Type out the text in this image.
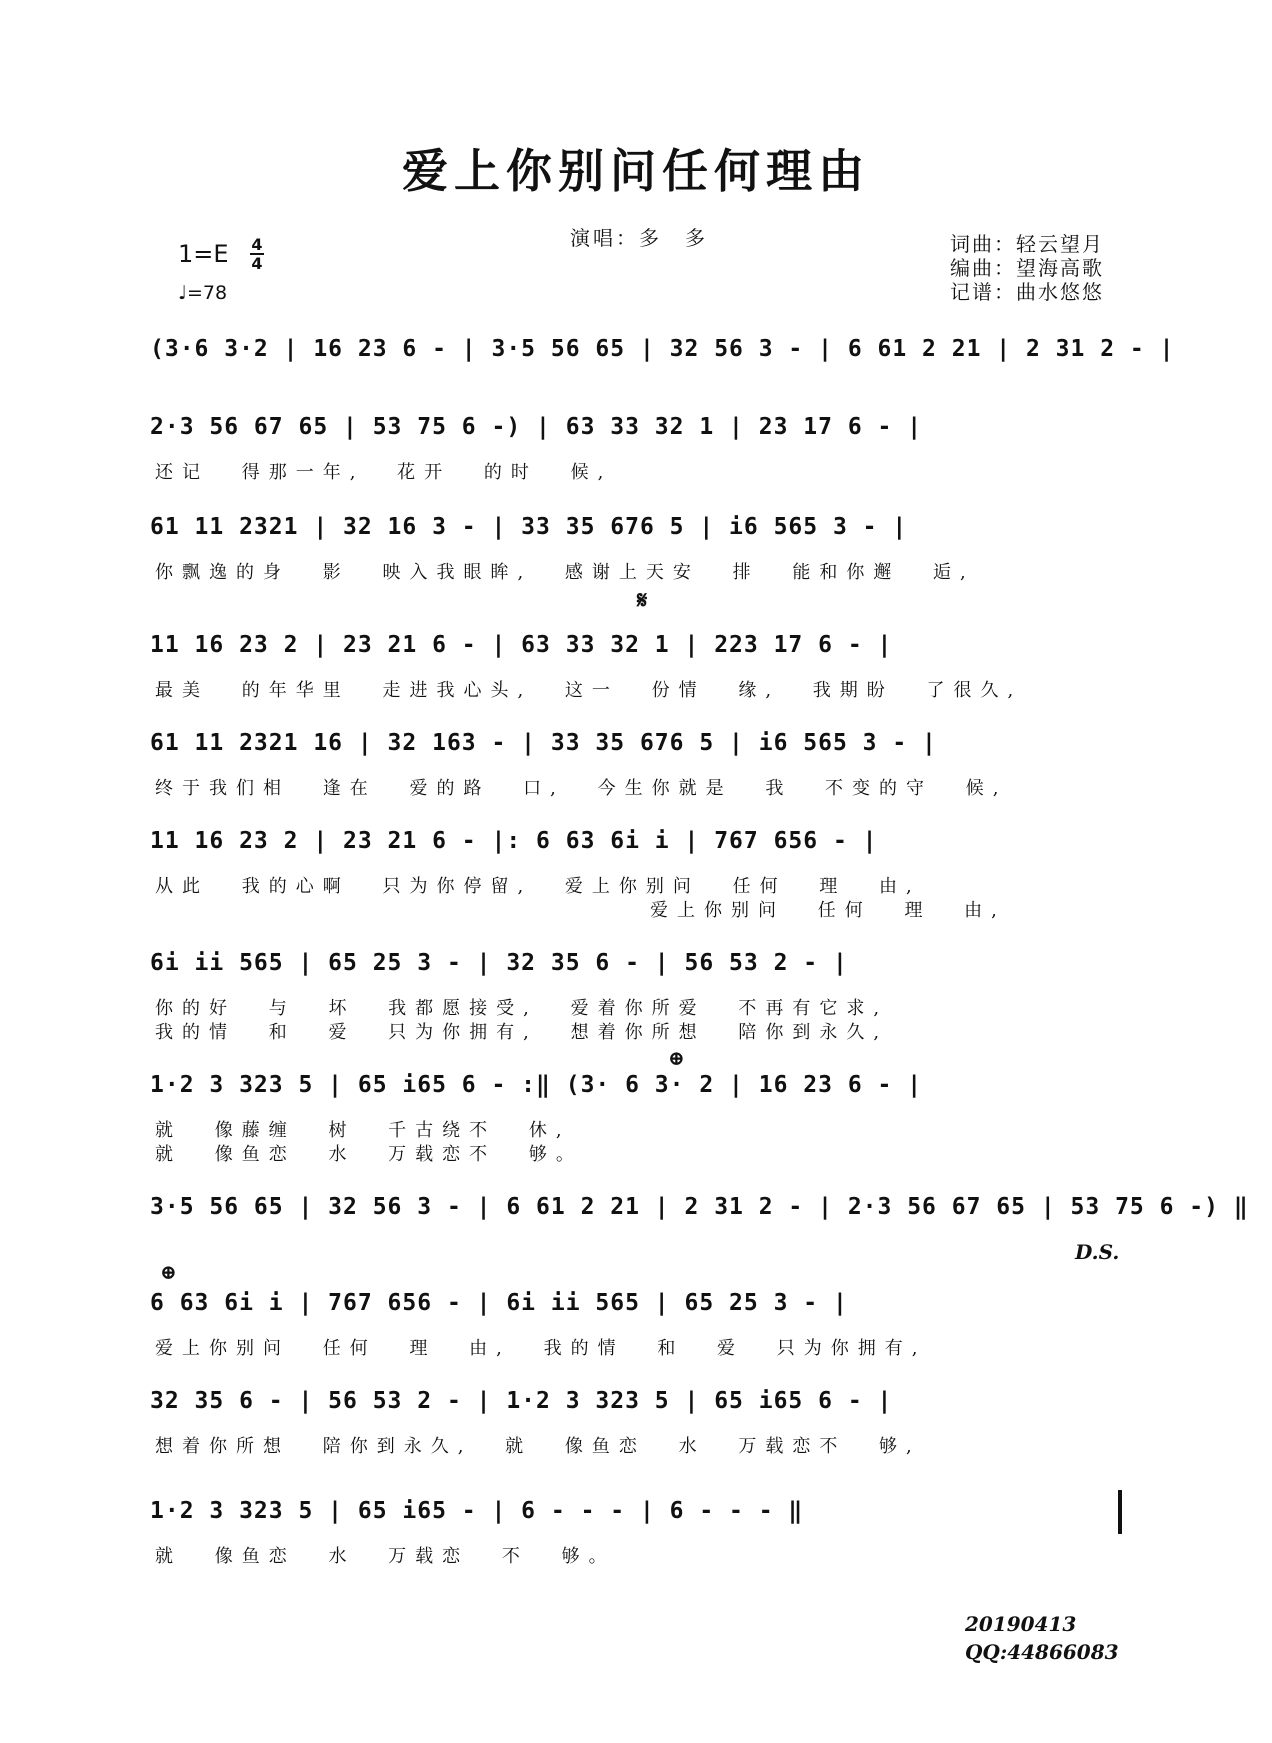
爱上你别问任何理由
演唱：多　多	词曲：轻云望月
编曲：望海高歌
记谱：曲水悠悠
1=E 4
4
♩=78
𝄋
⊕
⊕
D.S.
(3·6 3·2 | 16 23 6 - | 3·5 56 65 | 32 56 3 - | 6 61 2 21 | 2 31 2 - |
2·3 56 67 65 | 53 75 6 -) | 63 33 32 1 | 23 17 6 - |
还记 得那一年, 花开 的时 候,
61 11 2321 | 32 16 3 - | 33 35 676 5 | i6 565 3 - |
你飘逸的身 影 映入我眼眸, 感谢上天安 排 能和你邂 逅,
11 16 23 2 | 23 21 6 - | 63 33 32 1 | 223 17 6 - |
最美 的年华里 走进我心头, 这一 份情 缘, 我期盼 了很久,
61 11 2321 16 | 32 163 - | 33 35 676 5 | i6 565 3 - |
终于我们相 逢在 爱的路 口, 今生你就是 我 不变的守 候,
11 16 23 2 | 23 21 6 - |: 6 63 6i i | 767 656 - |
从此 我的心啊 只为你停留, 爱上你别问 任何 理 由,
爱上你别问 任何 理 由,
6i ii 565 | 65 25 3 - | 32 35 6 - | 56 53 2 - |
你的好 与 坏 我都愿接受, 爱着你所爱 不再有它求,
我的情 和 爱 只为你拥有, 想着你所想 陪你到永久,
1·2 3 323 5 | 65 i65 6 - :‖ (3· 6 3· 2 | 16 23 6 - |
就 像藤缠 树 千古绕不 休,
就 像鱼恋 水 万载恋不 够。
3·5 56 65 | 32 56 3 - | 6 61 2 21 | 2 31 2 - | 2·3 56 67 65 | 53 75 6 -) ‖
6 63 6i i | 767 656 - | 6i ii 565 | 65 25 3 - |
爱上你别问 任何 理 由, 我的情 和 爱 只为你拥有,
32 35 6 - | 56 53 2 - | 1·2 3 323 5 | 65 i65 6 - |
想着你所想 陪你到永久, 就 像鱼恋 水 万载恋不 够,
1·2 3 323 5 | 65 i65 - | 6 - - - | 6 - - - ‖
就 像鱼恋 水 万载恋 不 够。
20190413
QQ:44866083
